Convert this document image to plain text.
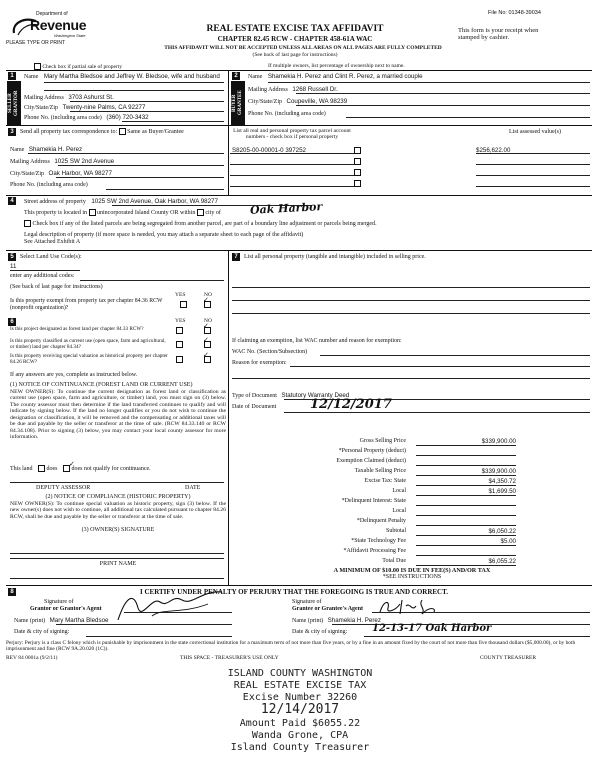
File No: 01348-39034
Department of
Revenue
Washington State
PLEASE TYPE OR PRINT
REAL ESTATE EXCISE TAX AFFIDAVIT
CHAPTER 82.45 RCW - CHAPTER 458-61A WAC
THIS AFFIDAVIT WILL NOT BE ACCEPTED UNLESS ALL AREAS ON ALL PAGES ARE FULLY COMPLETED
(See back of last page for instructions)
This form is your receipt when stamped by cashier.
Check box if partial sale of property	If multiple owners, list percentage of ownership next to name.
1
SELLER GRANTOR
Name Mary Martha Bledsoe and Jeffrey W. Bledsoe, wife and husband
Mailing Address 3703 Ashurst St.
City/State/Zip Twenty-nine Palms, CA 92277
Phone No. (including area code) (360) 720-3432
2
BUYER GRANTEE
Name Shamekia H. Perez and Clint R. Perez, a married couple
Mailing Address 1268 Russell Dr.
City/State/Zip Coupeville, WA 98239
Phone No. (including area code)
3	Send all property tax correspondence to: Same as Buyer/Grantee
Name Shamekia H. Perez
Mailing Address 1025 SW 2nd Avenue
City/State/Zip Oak Harbor, WA 98277
Phone No. (including area code)
List all real and personal property tax parcel account numbers - check box if personal property
List assessed value(s)
S8205-00-00001-0 397252	$256,622.00
4	Street address of property 1025 SW 2nd Avenue, Oak Harbor, WA 98277
This property is located in unincorporated Island County OR within city of	Oak Harbor
Check box if any of the listed parcels are being segregated from another parcel, are part of a boundary line adjustment or parcels being merged.
Legal description of property (if more space is needed, you may attach a separate sheet to each page of the affidavit)
See Attached Exhibit A
5	Select Land Use Code(s):
11
enter any additional codes:
(See back of last page for instructions)
YES	NO
Is this property exempt from property tax per chapter 84.36 RCW (nonprofit organization)?
✓
6	YES	NO
Is this project designated as forest land per chapter 84.33 RCW?	✓
Is this property classified as current use (open space, farm and agricultural, or timber) land per chapter 84.34?
✓
Is this property receiving special valuation as historical property per chapter 84.26 RCW?
✓
If any answers are yes, complete as instructed below.
(1) NOTICE OF CONTINUANCE (FOREST LAND OR CURRENT USE)
NEW OWNER(S): To continue the current designation as forest land or classification as current use (open space, farm and agriculture, or timber) land, you must sign on (3) below. The county assessor must then determine if the land transferred continues to qualify and will indicate by signing below. If the land no longer qualifies or you do not wish to continue the designation or classification, it will be removed and the compensating or additional taxes will be due and payable by the seller or transferor at the time of sale. (RCW 84.33.140 or RCW 84.34.108). Prior to signing (3) below, you may contact your local county assessor for more information.
This land does does not qualify for continuance.
✓
DEPUTY ASSESSOR	DATE
(2) NOTICE OF COMPLIANCE (HISTORIC PROPERTY)
NEW OWNER(S): To continue special valuation as historic property, sign (3) below. If the new owner(s) does not wish to continue, all additional tax calculated pursuant to chapter 84.26 RCW, shall be due and payable by the seller or transferor at the time of sale.
(3) OWNER(S) SIGNATURE
PRINT NAME
7	List all personal property (tangible and intangible) included in selling price.
If claiming an exemption, list WAC number and reason for exemption:
WAC No. (Section/Subsection)
Reason for exemption:
Type of Document Statutory Warranty Deed
Date of Document	12/12/2017
Gross Selling Price	$339,900.00
*Personal Property (deduct)
Exemption Claimed (deduct)
Taxable Selling Price	$339,900.00
Excise Tax: State	$4,350.72
Local	$1,699.50
*Delinquent Interest: State
Local
*Delinquent Penalty
Subtotal	$6,050.22
*State Technology Fee	$5.00
*Affidavit Processing Fee
Total Due	$6,055.22
A MINIMUM OF $10.00 IS DUE IN FEE(S) AND/OR TAX
*SEE INSTRUCTIONS
8	I CERTIFY UNDER PENALTY OF PERJURY THAT THE FOREGOING IS TRUE AND CORRECT.
Signature of
Grantor or Grantor's Agent
Name (print) Mary Martha Bledsoe
Date & city of signing:
Signature of
Grantee or Grantee's Agent
Name (print) Shamekia H. Perez
Date & city of signing: 12-13-17 Oak Harbor
Perjury: Perjury is a class C felony which is punishable by imprisonment in the state correctional institution for a maximum term of not more than five years, or by a fine in an amount fixed by the court of not more than five thousand dollars ($5,000.00), or by both imprisonment and fine (RCW 9A.20.020 (1C)).
REV 84 0001a (9/2/11)	THIS SPACE - TREASURER'S USE ONLY	COUNTY TREASURER
ISLAND COUNTY WASHINGTON
REAL ESTATE EXCISE TAX
Excise Number 32260
12/14/2017
Amount Paid $6055.22
Wanda Grone, CPA
Island County Treasurer
